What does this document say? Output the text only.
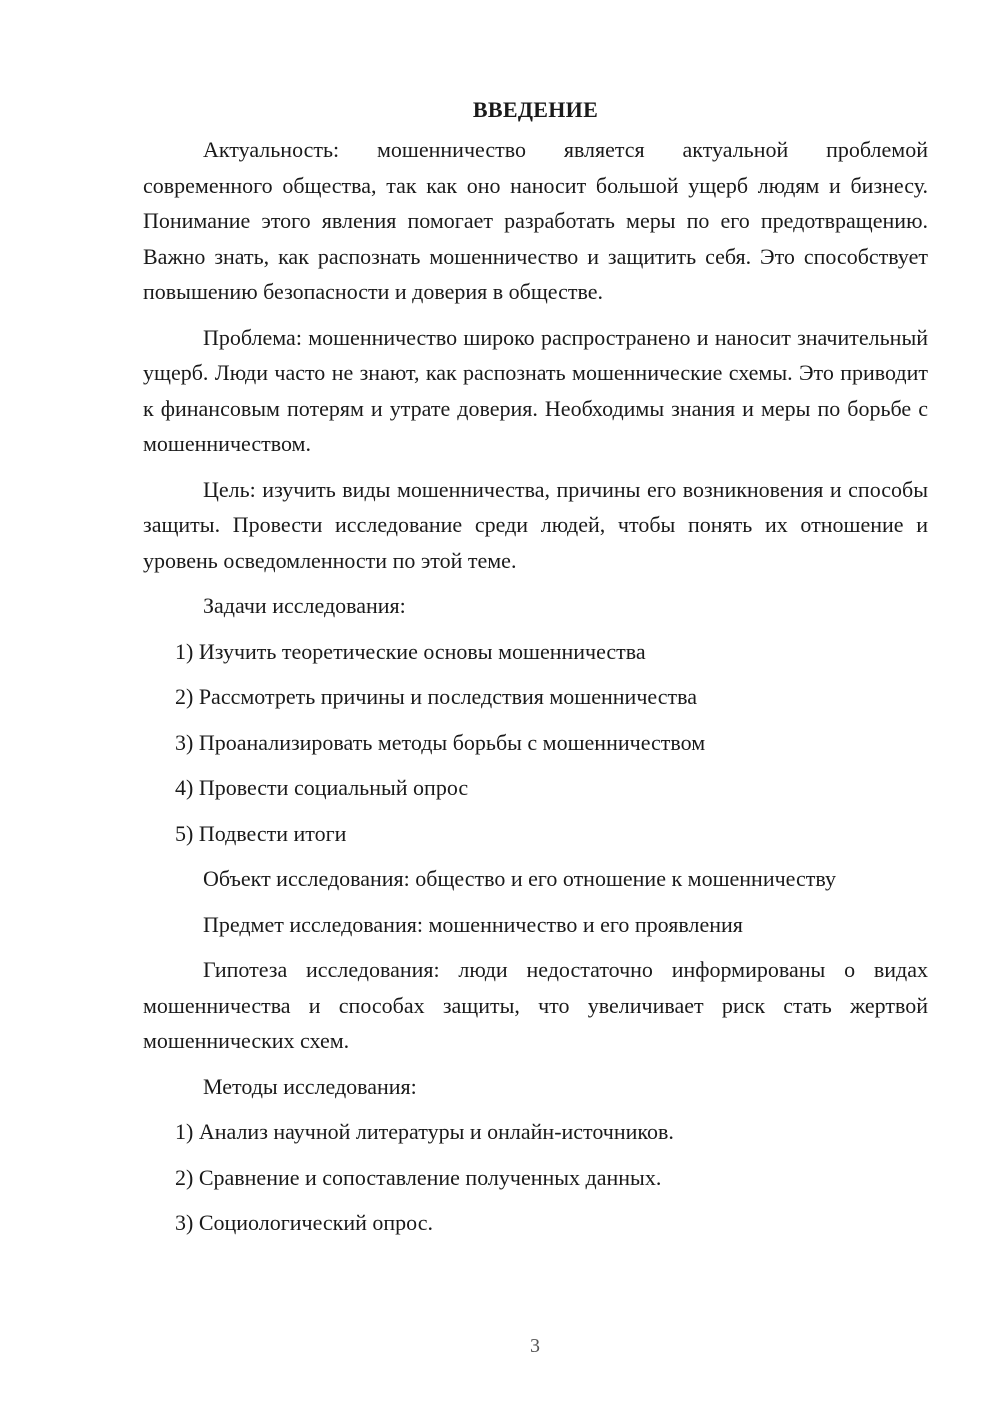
ВВЕДЕНИЕ

Актуальность: мошенничество является актуальной проблемой современного общества, так как оно наносит большой ущерб людям и бизнесу. Понимание этого явления помогает разработать меры по его предотвращению. Важно знать, как распознать мошенничество и защитить себя. Это способствует повышению безопасности и доверия в обществе.

Проблема: мошенничество широко распространено и наносит значительный ущерб. Люди часто не знают, как распознать мошеннические схемы. Это приводит к финансовым потерям и утрате доверия. Необходимы знания и меры по борьбе с мошенничеством.

Цель: изучить виды мошенничества, причины его возникновения и способы защиты. Провести исследование среди людей, чтобы понять их отношение и уровень осведомленности по этой теме.

Задачи исследования:

1) Изучить теоретические основы мошенничества

2) Рассмотреть причины и последствия мошенничества

3) Проанализировать методы борьбы с мошенничеством

4) Провести социальный опрос

5) Подвести итоги

Объект исследования: общество и его отношение к мошенничеству

Предмет исследования: мошенничество и его проявления

Гипотеза исследования: люди недостаточно информированы о видах мошенничества и способах защиты, что увеличивает риск стать жертвой мошеннических схем.

Методы исследования:

1) Анализ научной литературы и онлайн-источников.

2) Сравнение и сопоставление полученных данных.

3) Социологический опрос.

3
